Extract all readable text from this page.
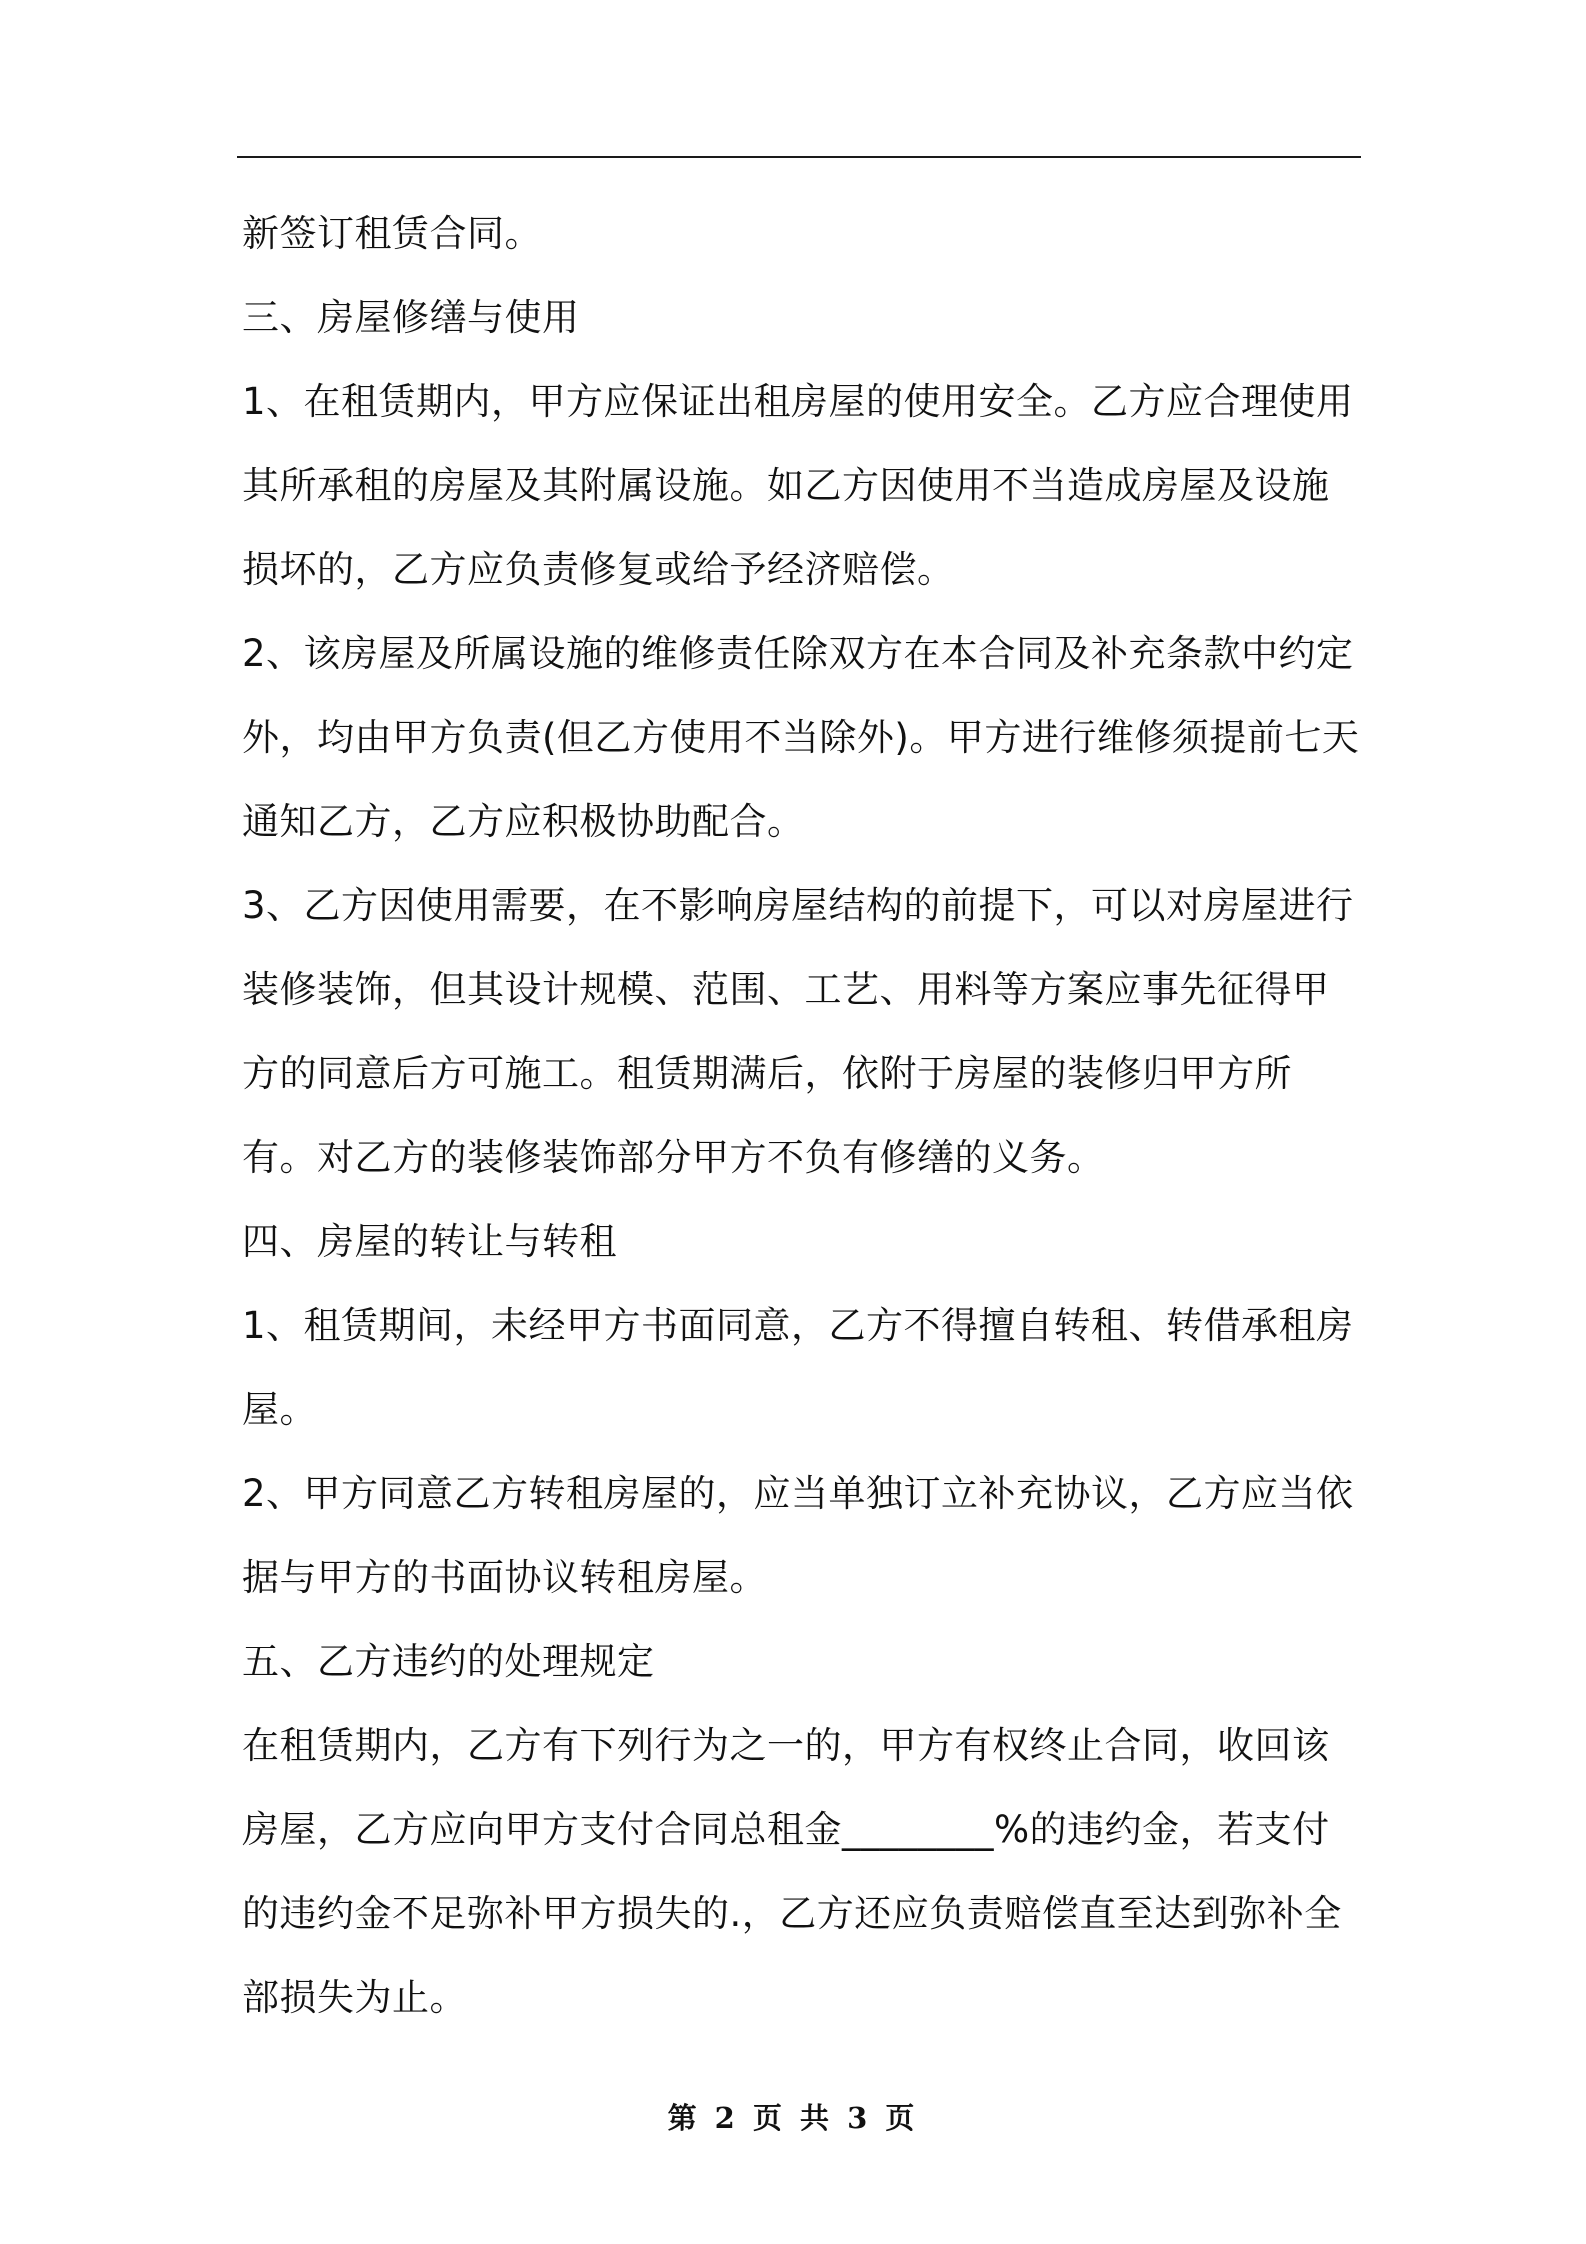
新签订租赁合同。

三、房屋修缮与使用

1、在租赁期内，甲方应保证出租房屋的使用安全。乙方应合理使用其所承租的房屋及其附属设施。如乙方因使用不当造成房屋及设施损坏的，乙方应负责修复或给予经济赔偿。

2、该房屋及所属设施的维修责任除双方在本合同及补充条款中约定外，均由甲方负责(但乙方使用不当除外)。甲方进行维修须提前七天通知乙方，乙方应积极协助配合。

3、乙方因使用需要，在不影响房屋结构的前提下，可以对房屋进行装修装饰，但其设计规模、范围、工艺、用料等方案应事先征得甲方的同意后方可施工。租赁期满后，依附于房屋的装修归甲方所有。对乙方的装修装饰部分甲方不负有修缮的义务。

四、房屋的转让与转租

1、租赁期间，未经甲方书面同意，乙方不得擅自转租、转借承租房屋。

2、甲方同意乙方转租房屋的，应当单独订立补充协议，乙方应当依据与甲方的书面协议转租房屋。

五、乙方违约的处理规定

在租赁期内，乙方有下列行为之一的，甲方有权终止合同，收回该房屋，乙方应向甲方支付合同总租金________%的违约金，若支付的违约金不足弥补甲方损失的.，乙方还应负责赔偿直至达到弥补全部损失为止。

第 2 页 共 3 页
